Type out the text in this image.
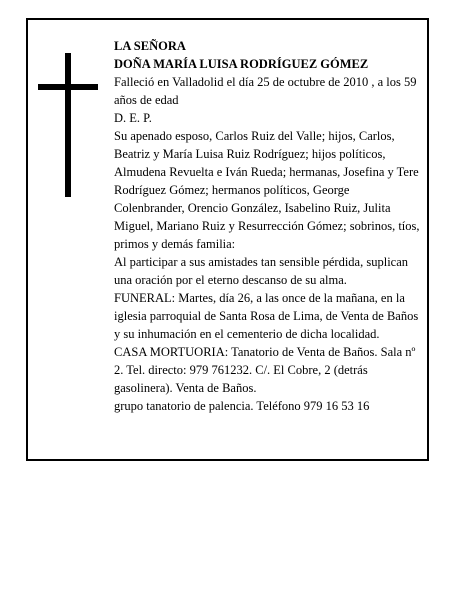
LA SEÑORA

DOÑA MARÍA LUISA RODRÍGUEZ GÓMEZ

Falleció en Valladolid el día 25 de octubre de 2010 , a los 59 años de edad

D. E. P.

Su apenado esposo, Carlos Ruiz del Valle; hijos, Carlos, Beatriz y María Luisa Ruiz Rodríguez; hijos políticos, Almudena Revuelta e Iván Rueda; hermanas, Josefina y Tere Rodríguez Gómez; hermanos políticos, George Colenbrander, Orencio González, Isabelino Ruiz, Julita Miguel, Mariano Ruiz y Resurrección Gómez; sobrinos, tíos, primos y demás familia:

Al participar a sus amistades tan sensible pérdida, suplican una oración por el eterno descanso de su alma.

FUNERAL: Martes, día 26, a las once de la mañana, en la iglesia parroquial de Santa Rosa de Lima, de Venta de Baños y su inhumación en el cementerio de dicha localidad.

CASA MORTUORIA: Tanatorio de Venta de Baños. Sala nº 2. Tel. directo: 979 761232. C/. El Cobre, 2 (detrás gasolinera). Venta de Baños.

grupo tanatorio de palencia. Teléfono 979 16 53 16
